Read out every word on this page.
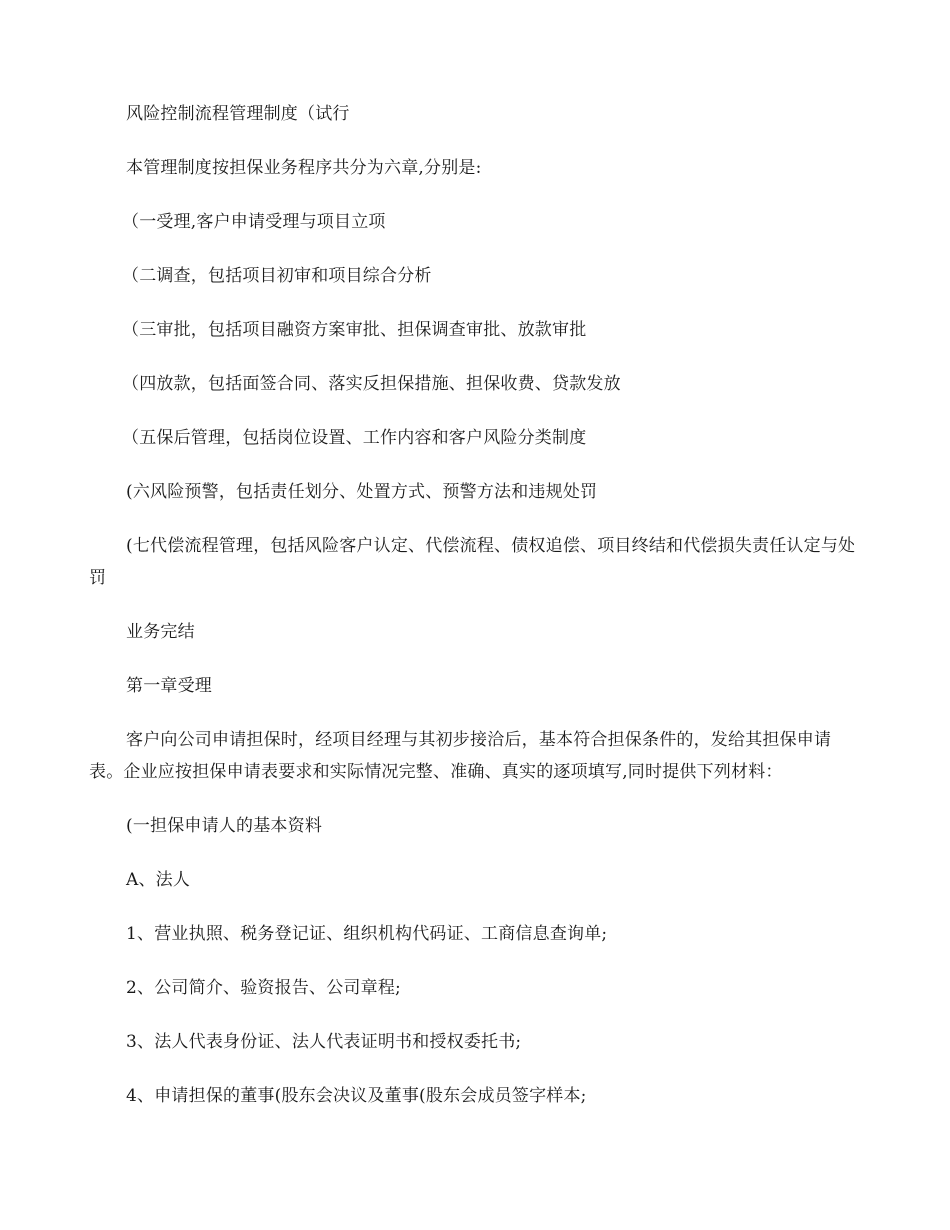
风险控制流程管理制度（试行

本管理制度按担保业务程序共分为六章,分别是:

（一受理,客户申请受理与项目立项

（二调查，包括项目初审和项目综合分析

（三审批，包括项目融资方案审批、担保调查审批、放款审批

（四放款，包括面签合同、落实反担保措施、担保收费、贷款发放

（五保后管理，包括岗位设置、工作内容和客户风险分类制度

(六风险预警，包括责任划分、处置方式、预警方法和违规处罚

(七代偿流程管理，包括风险客户认定、代偿流程、债权追偿、项目终结和代偿损失责任认定与处罚

业务完结

第一章受理

客户向公司申请担保时，经项目经理与其初步接洽后，基本符合担保条件的，发给其担保申请表。企业应按担保申请表要求和实际情况完整、准确、真实的逐项填写,同时提供下列材料：

(一担保申请人的基本资料

A、法人

1、营业执照、税务登记证、组织机构代码证、工商信息查询单;

2、公司简介、验资报告、公司章程;

3、法人代表身份证、法人代表证明书和授权委托书;

4、申请担保的董事(股东会决议及董事(股东会成员签字样本;
